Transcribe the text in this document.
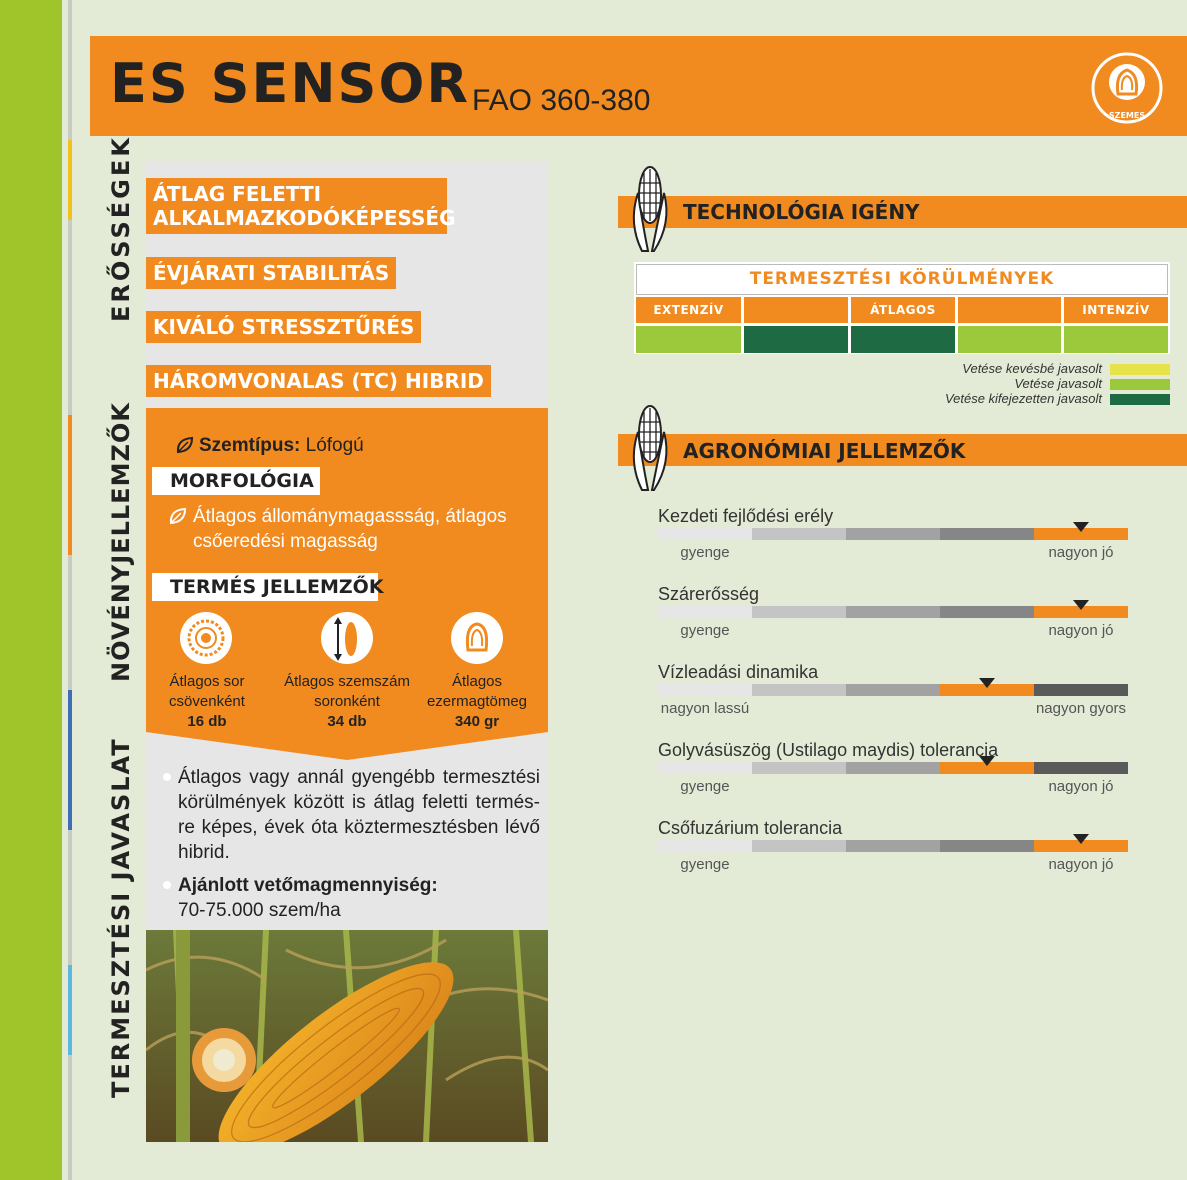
ES SENSOR FAO 360-380	SZEMES
ERŐSSÉGEK
NÖVÉNYJELLEMZŐK
TERMESZTÉSI JAVASLAT
ÁTLAG FELETTI ALKALMAZKODÓKÉPESSÉG
ÉVJÁRATI STABILITÁS
KIVÁLÓ STRESSZTŰRÉS
HÁROMVONALAS (TC) HIBRID
Szemtípus: Lófogú
MORFOLÓGIA
Átlagos állománymagassság, átlagos csőeredési magasság
TERMÉS JELLEMZŐK
Átlagos sor csövenként
16 db
Átlagos szemszám soronként
34 db
Átlagos ezermagtömeg
340 gr
Átlagos vagy annál gyengébb termesztési körülmények között is átlag feletti termés-re képes, évek óta köztermesztésben lévő hibrid.
Ajánlott vetőmagmennyiség:
70-75.000 szem/ha
TECHNOLÓGIA IGÉNY
TERMESZTÉSI KÖRÜLMÉNYEK
EXTENZÍV	ÁTLAGOS	INTENZÍV
Vetése kevésbé javasolt
Vetése javasolt
Vetése kifejezetten javasolt
AGRONÓMIAI JELLEMZŐK
Kezdeti fejlődési erély
gyenge	nagyon jó
Szárerősség
gyenge	nagyon jó
Vízleadási dinamika
nagyon lassú	nagyon gyors
Golyvásüszög (Ustilago maydis) tolerancia
gyenge	nagyon jó
Csőfuzárium tolerancia
gyenge	nagyon jó
